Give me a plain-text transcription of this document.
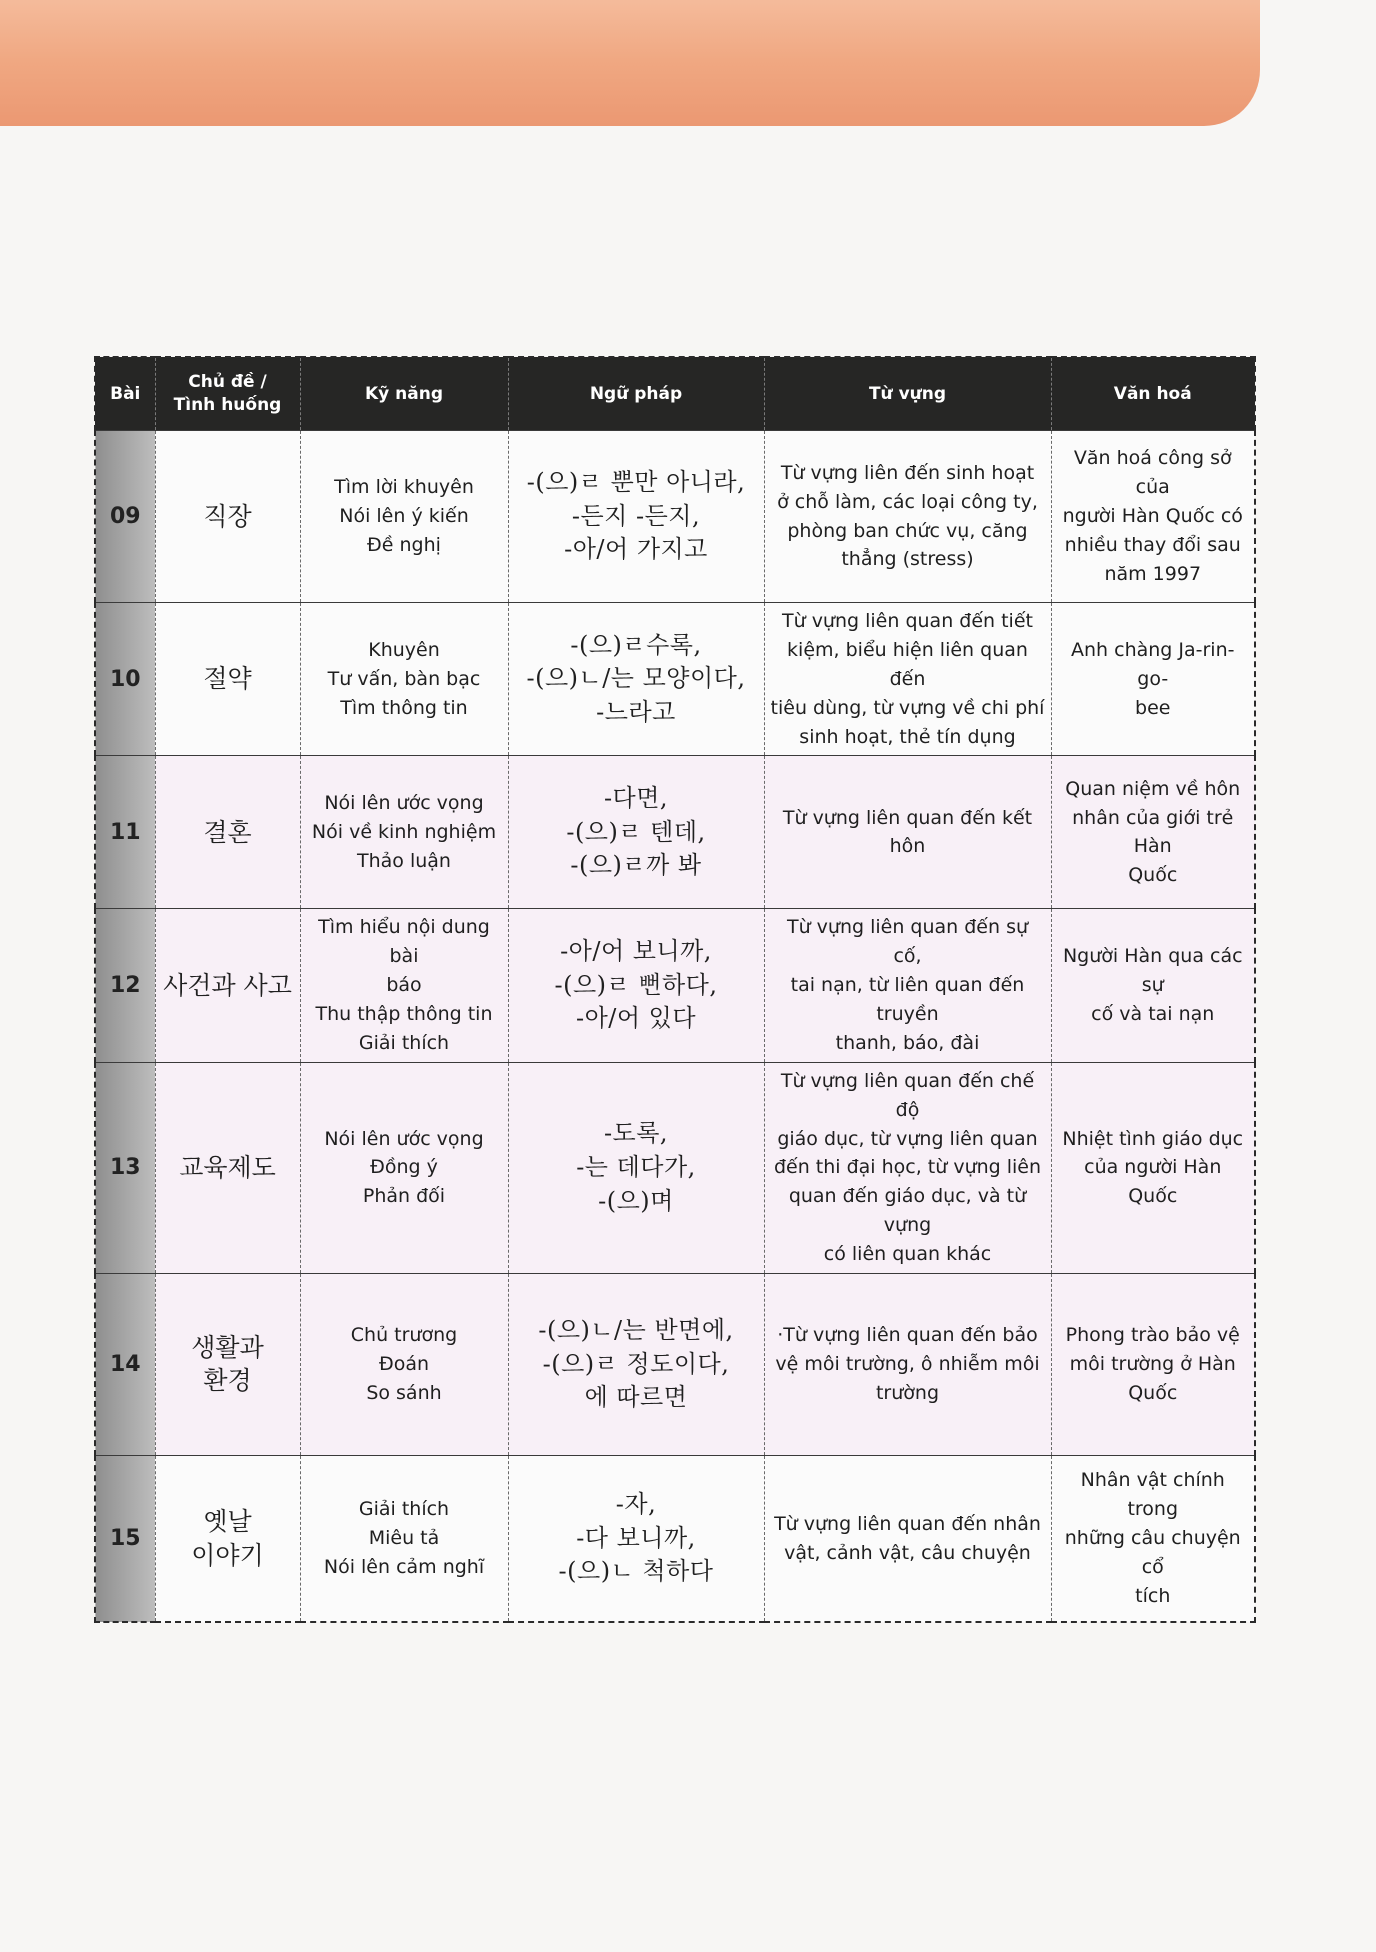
Bài	Chủ đề /
Tình huống	Kỹ năng	Ngữ pháp	Từ vựng	Văn hoá
09	직장	Tìm lời khuyên
Nói lên ý kiến
Đề nghị	-(으)ㄹ 뿐만 아니라,
-든지 -든지,
-아/어 가지고	Từ vựng liên đến sinh hoạt
ở chỗ làm, các loại công ty,
phòng ban chức vụ, căng
thẳng (stress)	Văn hoá công sở của
người Hàn Quốc có
nhiều thay đổi sau
năm 1997

10	절약	Khuyên
Tư vấn, bàn bạc
Tìm thông tin	-(으)ㄹ수록,
-(으)ㄴ/는 모양이다,
-느라고	Từ vựng liên quan đến tiết
kiệm, biểu hiện liên quan đến
tiêu dùng, từ vựng về chi phí
sinh hoạt, thẻ tín dụng	Anh chàng Ja-rin-go-
bee

11	결혼	Nói lên ước vọng
Nói về kinh nghiệm
Thảo luận	-다면,
-(으)ㄹ 텐데,
-(으)ㄹ까 봐	Từ vựng liên quan đến kết hôn	Quan niệm về hôn
nhân của giới trẻ Hàn
Quốc

12	사건과 사고	Tìm hiểu nội dung bài
báo
Thu thập thông tin
Giải thích	-아/어 보니까,
-(으)ㄹ 뻔하다,
-아/어 있다	Từ vựng liên quan đến sự cố,
tai nạn, từ liên quan đến truyền
thanh, báo, đài	Người Hàn qua các sự
cố và tai nạn

13	교육제도	Nói lên ước vọng
Đồng ý
Phản đối	-도록,
-는 데다가,
-(으)며	Từ vựng liên quan đến chế độ
giáo dục, từ vựng liên quan
đến thi đại học, từ vựng liên
quan đến giáo dục, và từ vựng
có liên quan khác	Nhiệt tình giáo dục
của người Hàn Quốc

14	생활과
환경	Chủ trương
Đoán
So sánh	-(으)ㄴ/는 반면에,
-(으)ㄹ 정도이다,
에 따르면	·Từ vựng liên quan đến bảo
vệ môi trường, ô nhiễm môi
trường	Phong trào bảo vệ
môi trường ở Hàn
Quốc

15	옛날
이야기	Giải thích
Miêu tả
Nói lên cảm nghĩ	-자,
-다 보니까,
-(으)ㄴ 척하다	Từ vựng liên quan đến nhân
vật, cảnh vật, câu chuyện	Nhân vật chính trong
những câu chuyện cổ
tích
